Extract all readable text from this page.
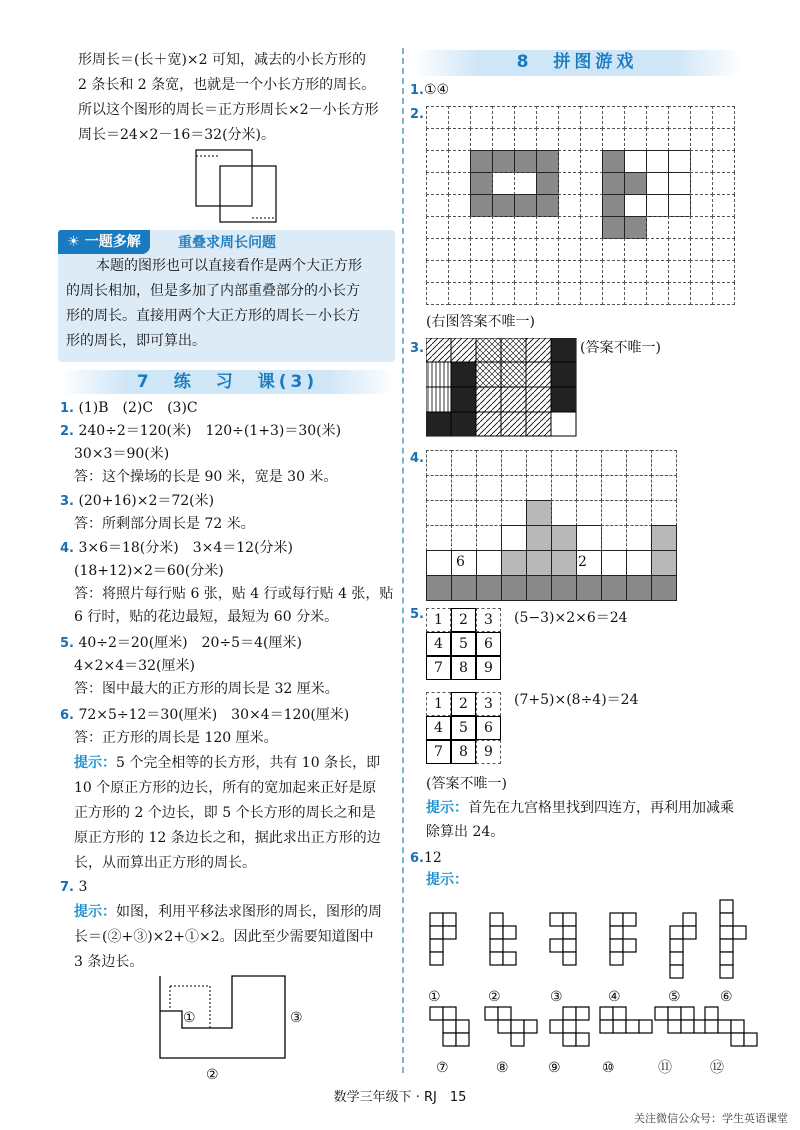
形周长＝(长＋宽)×2 可知，减去的小长方形的
2 条长和 2 条宽，也就是一个小长方形的周长。
所以这个图形的周长＝正方形周长×2－小长方形
周长＝24×2－16＝32(分米)。
☀ 一题多解	重叠求周长问题
本题的图形也可以直接看作是两个大正方形
的周长相加，但是多加了内部重叠部分的小长方
形的周长。直接用两个大正方形的周长－小长方
形的周长，即可算出。
7　练　习　课(3)
1. (1)B　(2)C　(3)C
2. 240÷2＝120(米)　120÷(1+3)＝30(米)
30×3＝90(米)
答：这个操场的长是 90 米，宽是 30 米。
3. (20+16)×2＝72(米)
答：所剩部分周长是 72 米。
4. 3×6＝18(分米)　3×4＝12(分米)
(18+12)×2＝60(分米)
答：将照片每行贴 6 张，贴 4 行或每行贴 4 张，贴
6 行时，贴的花边最短，最短为 60 分米。
5. 40÷2＝20(厘米)　20÷5＝4(厘米)
4×2×4＝32(厘米)
答：图中最大的正方形的周长是 32 厘米。
6. 72×5÷12＝30(厘米)　30×4＝120(厘米)
答：正方形的周长是 120 厘米。
提示：5 个完全相等的长方形，共有 10 条长，即
10 个原正方形的边长，所有的宽加起来正好是原
正方形的 2 个边长，即 5 个长方形的周长之和是
原正方形的 12 条边长之和，据此求出正方形的边
长，从而算出正方形的周长。
7. 3
提示：如图，利用平移法求图形的周长，图形的周
长＝(②+③)×2+①×2。因此至少需要知道图中
3 条边长。
①
②
③
8　拼图游戏
1.①④
2.
(右图答案不唯一)
3.	(答案不唯一)
4.
6	2
5. 1	2	3
4	5	6
7	8	9
(5−3)×2×6＝24
1	2	3
4	5	6
7	8	9
(7+5)×(8÷4)＝24
(答案不唯一)
提示：首先在九宫格里找到四连方，再利用加减乘
除算出 24。
6.12
提示：
①	②	③	④	⑤	⑥
⑦	⑧	⑨	⑩	⑪	⑫
数学三年级下 · RJ　15
关注微信公众号：学生英语课堂
